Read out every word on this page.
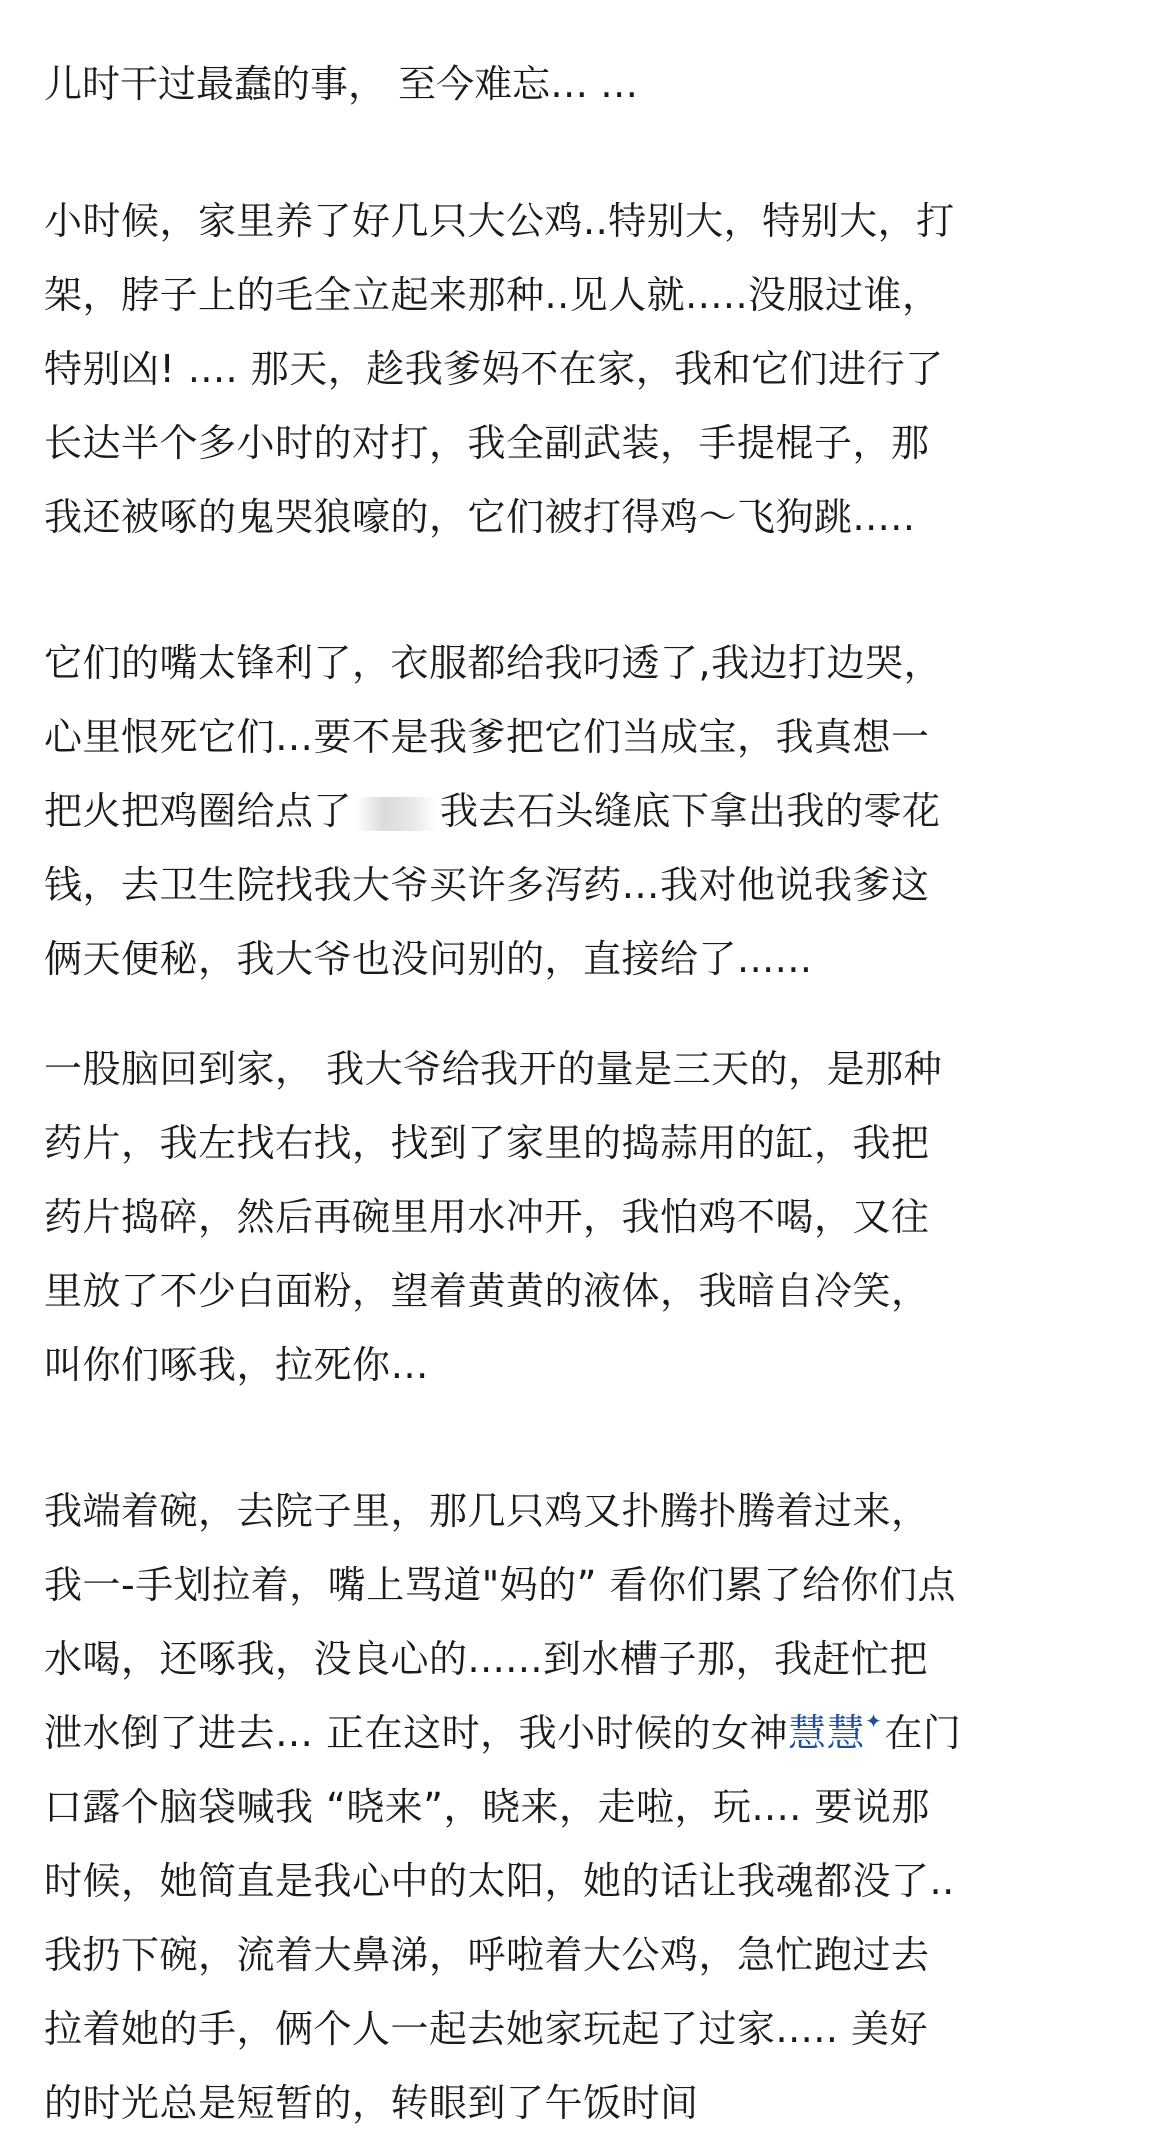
儿时干过最蠢的事， 至今难忘… …

小时候，家里养了好几只大公鸡..特别大，特别大，打
架，脖子上的毛全立起来那种..见人就.....没服过谁，
特别凶! .... 那天，趁我爹妈不在家，我和它们进行了
长达半个多小时的对打，我全副武装，手提棍子，那
我还被啄的鬼哭狼嚎的，它们被打得鸡～飞狗跳.....

它们的嘴太锋利了，衣服都给我叼透了,我边打边哭，
心里恨死它们…要不是我爹把它们当成宝，我真想一
把火把鸡圈给点了 我去石头缝底下拿出我的零花
钱，去卫生院找我大爷买许多泻药…我对他说我爹这
俩天便秘，我大爷也没问别的，直接给了......

一股脑回到家， 我大爷给我开的量是三天的，是那种
药片，我左找右找，找到了家里的捣蒜用的缸，我把
药片捣碎，然后再碗里用水冲开，我怕鸡不喝，又往
里放了不少白面粉，望着黄黄的液体，我暗自冷笑，
叫你们啄我，拉死你…

我端着碗，去院子里，那几只鸡又扑腾扑腾着过来，
我一-手划拉着，嘴上骂道"妈的” 看你们累了给你们点
水喝，还啄我，没良心的......到水槽子那，我赶忙把
泄水倒了进去… 正在这时，我小时候的女神慧慧✦在门
口露个脑袋喊我 “晓来”，晓来，走啦，玩.... 要说那
时候，她简直是我心中的太阳，她的话让我魂都没了..
我扔下碗，流着大鼻涕，呼啦着大公鸡，急忙跑过去
拉着她的手，俩个人一起去她家玩起了过家..... 美好
的时光总是短暂的，转眼到了午饭时间
